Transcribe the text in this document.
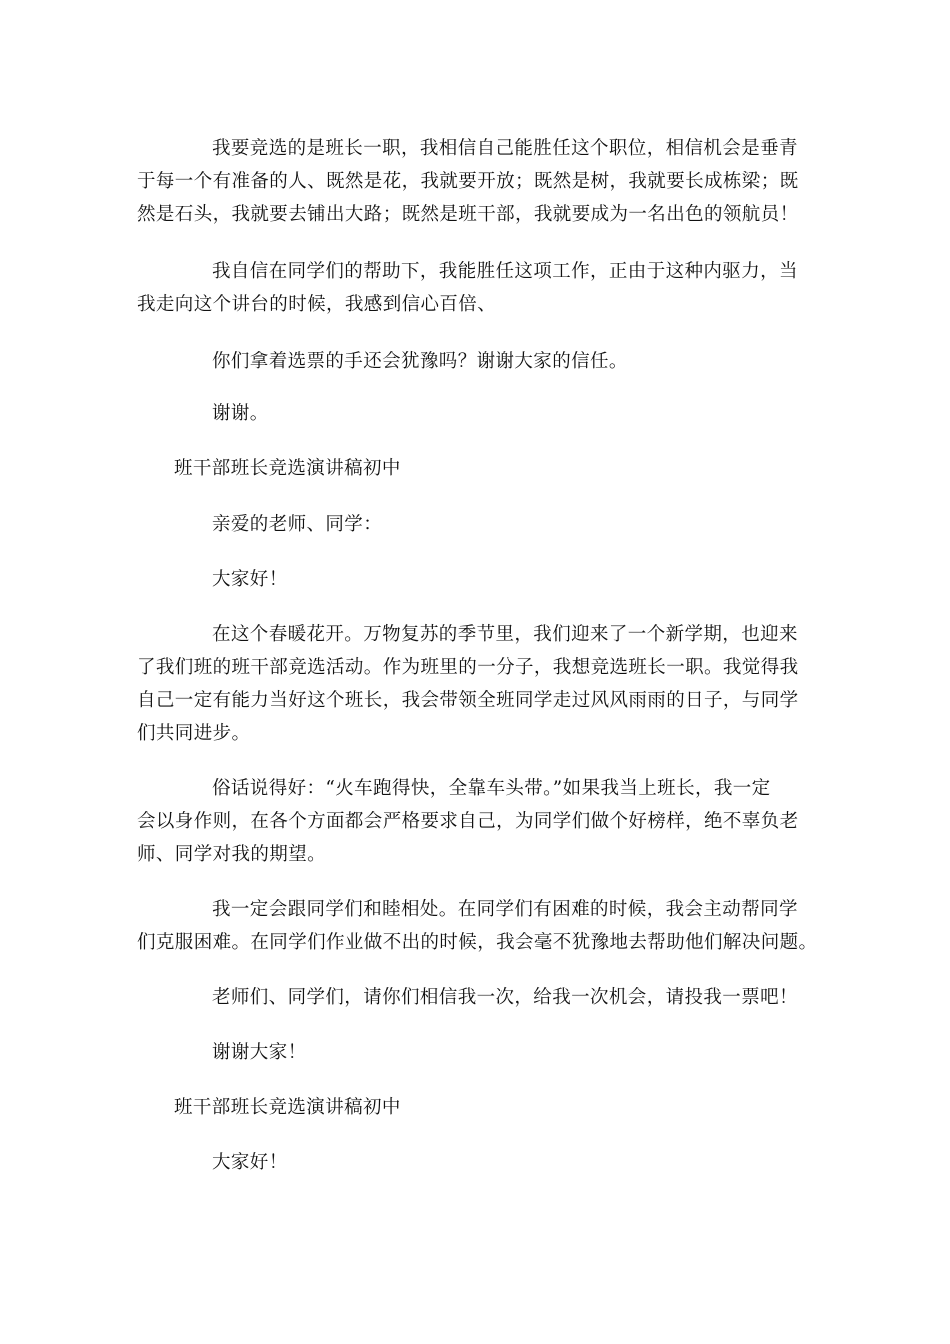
我要竞选的是班长一职，我相信自己能胜任这个职位，相信机会是垂青
于每一个有准备的人、既然是花，我就要开放；既然是树，我就要长成栋梁；既
然是石头，我就要去铺出大路；既然是班干部，我就要成为一名出色的领航员！
我自信在同学们的帮助下，我能胜任这项工作，正由于这种内驱力，当
我走向这个讲台的时候，我感到信心百倍、
你们拿着选票的手还会犹豫吗？谢谢大家的信任。
谢谢。
班干部班长竞选演讲稿初中
亲爱的老师、同学：
大家好！
在这个春暖花开。万物复苏的季节里，我们迎来了一个新学期，也迎来
了我们班的班干部竞选活动。作为班里的一分子，我想竞选班长一职。我觉得我
自己一定有能力当好这个班长，我会带领全班同学走过风风雨雨的日子，与同学
们共同进步。
俗话说得好：“火车跑得快，全靠车头带。”如果我当上班长，我一定
会以身作则，在各个方面都会严格要求自己，为同学们做个好榜样，绝不辜负老
师、同学对我的期望。
我一定会跟同学们和睦相处。在同学们有困难的时候，我会主动帮同学
们克服困难。在同学们作业做不出的时候，我会毫不犹豫地去帮助他们解决问题。
老师们、同学们，请你们相信我一次，给我一次机会，请投我一票吧！
谢谢大家！
班干部班长竞选演讲稿初中
大家好！
